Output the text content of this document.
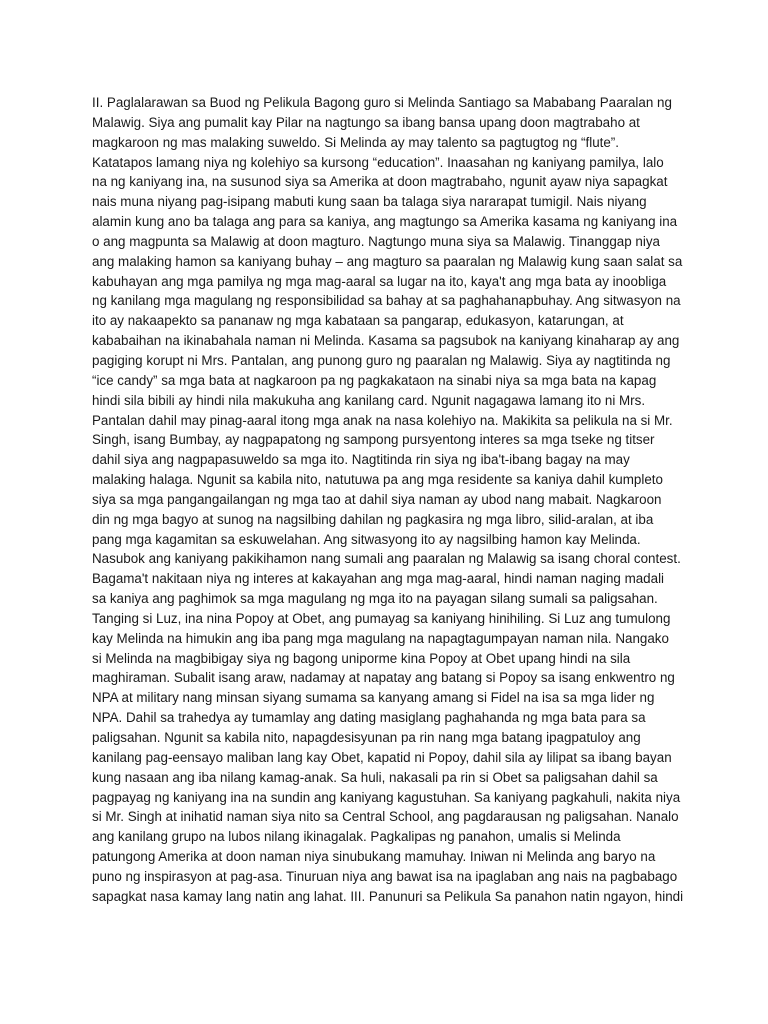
II. Paglalarawan sa Buod ng Pelikula Bagong guro si Melinda Santiago sa Mababang Paaralan ng
Malawig. Siya ang pumalit kay Pilar na nagtungo sa ibang bansa upang doon magtrabaho at
magkaroon ng mas malaking suweldo. Si Melinda ay may talento sa pagtugtog ng “flute”.
Katatapos lamang niya ng kolehiyo sa kursong “education”. Inaasahan ng kaniyang pamilya, lalo
na ng kaniyang ina, na susunod siya sa Amerika at doon magtrabaho, ngunit ayaw niya sapagkat
nais muna niyang pag-isipang mabuti kung saan ba talaga siya nararapat tumigil. Nais niyang
alamin kung ano ba talaga ang para sa kaniya, ang magtungo sa Amerika kasama ng kaniyang ina
o ang magpunta sa Malawig at doon magturo. Nagtungo muna siya sa Malawig. Tinanggap niya
ang malaking hamon sa kaniyang buhay – ang magturo sa paaralan ng Malawig kung saan salat sa
kabuhayan ang mga pamilya ng mga mag-aaral sa lugar na ito, kaya't ang mga bata ay inoobliga
ng kanilang mga magulang ng responsibilidad sa bahay at sa paghahanapbuhay. Ang sitwasyon na
ito ay nakaapekto sa pananaw ng mga kabataan sa pangarap, edukasyon, katarungan, at
kababaihan na ikinabahala naman ni Melinda. Kasama sa pagsubok na kaniyang kinaharap ay ang
pagiging korupt ni Mrs. Pantalan, ang punong guro ng paaralan ng Malawig. Siya ay nagtitinda ng
“ice candy” sa mga bata at nagkaroon pa ng pagkakataon na sinabi niya sa mga bata na kapag
hindi sila bibili ay hindi nila makukuha ang kanilang card. Ngunit nagagawa lamang ito ni Mrs.
Pantalan dahil may pinag-aaral itong mga anak na nasa kolehiyo na. Makikita sa pelikula na si Mr.
Singh, isang Bumbay, ay nagpapatong ng sampong pursyentong interes sa mga tseke ng titser
dahil siya ang nagpapasuweldo sa mga ito. Nagtitinda rin siya ng iba't-ibang bagay na may
malaking halaga. Ngunit sa kabila nito, natutuwa pa ang mga residente sa kaniya dahil kumpleto
siya sa mga pangangailangan ng mga tao at dahil siya naman ay ubod nang mabait. Nagkaroon
din ng mga bagyo at sunog na nagsilbing dahilan ng pagkasira ng mga libro, silid-aralan, at iba
pang mga kagamitan sa eskuwelahan. Ang sitwasyong ito ay nagsilbing hamon kay Melinda.
Nasubok ang kaniyang pakikihamon nang sumali ang paaralan ng Malawig sa isang choral contest.
Bagama't nakitaan niya ng interes at kakayahan ang mga mag-aaral, hindi naman naging madali
sa kaniya ang paghimok sa mga magulang ng mga ito na payagan silang sumali sa paligsahan.
Tanging si Luz, ina nina Popoy at Obet, ang pumayag sa kaniyang hinihiling. Si Luz ang tumulong
kay Melinda na himukin ang iba pang mga magulang na napagtagumpayan naman nila. Nangako
si Melinda na magbibigay siya ng bagong uniporme kina Popoy at Obet upang hindi na sila
maghiraman. Subalit isang araw, nadamay at napatay ang batang si Popoy sa isang enkwentro ng
NPA at military nang minsan siyang sumama sa kanyang amang si Fidel na isa sa mga lider ng
NPA. Dahil sa trahedya ay tumamlay ang dating masiglang paghahanda ng mga bata para sa
paligsahan. Ngunit sa kabila nito, napagdesisyunan pa rin nang mga batang ipagpatuloy ang
kanilang pag-eensayo maliban lang kay Obet, kapatid ni Popoy, dahil sila ay lilipat sa ibang bayan
kung nasaan ang iba nilang kamag-anak. Sa huli, nakasali pa rin si Obet sa paligsahan dahil sa
pagpayag ng kaniyang ina na sundin ang kaniyang kagustuhan. Sa kaniyang pagkahuli, nakita niya
si Mr. Singh at inihatid naman siya nito sa Central School, ang pagdarausan ng paligsahan. Nanalo
ang kanilang grupo na lubos nilang ikinagalak. Pagkalipas ng panahon, umalis si Melinda
patungong Amerika at doon naman niya sinubukang mamuhay. Iniwan ni Melinda ang baryo na
puno ng inspirasyon at pag-asa. Tinuruan niya ang bawat isa na ipaglaban ang nais na pagbabago
sapagkat nasa kamay lang natin ang lahat. III. Panunuri sa Pelikula Sa panahon natin ngayon, hindi
